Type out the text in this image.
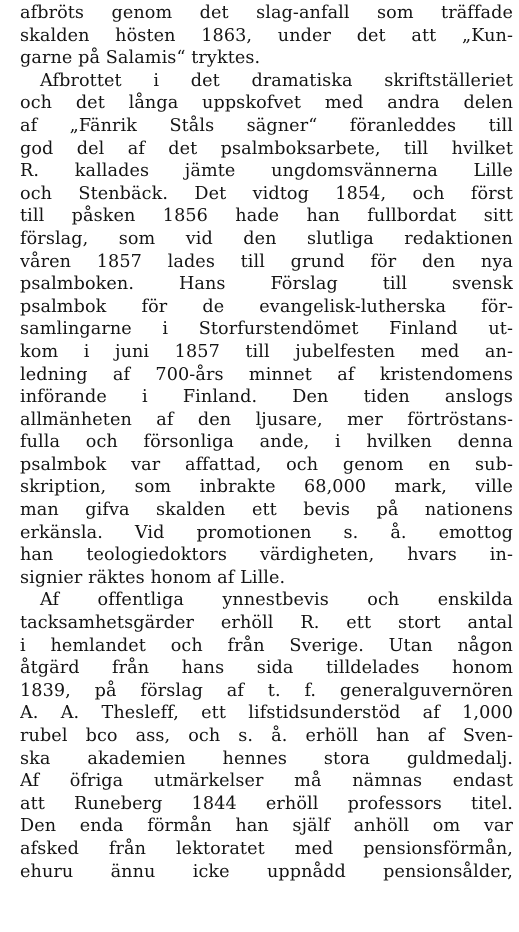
afbröts genom det slag-anfall som träffade
skalden hösten 1863, under det att „Kun-
garne på Salamis“ tryktes.
Afbrottet i det dramatiska skriftställeriet
och det långa uppskofvet med andra delen
af „Fänrik Ståls sägner“ föranleddes till
god del af det psalmboksarbete, till hvilket
R. kallades jämte ungdomsvännerna Lille
och Stenbäck. Det vidtog 1854, och först
till påsken 1856 hade han fullbordat sitt
förslag, som vid den slutliga redaktionen
våren 1857 lades till grund för den nya
psalmboken. Hans Förslag till svensk
psalmbok för de evangelisk-lutherska för-
samlingarne i Storfurstendömet Finland ut-
kom i juni 1857 till jubelfesten med an-
ledning af 700-års minnet af kristendomens
införande i Finland. Den tiden anslogs
allmänheten af den ljusare, mer förtröstans-
fulla och försonliga ande, i hvilken denna
psalmbok var affattad, och genom en sub-
skription, som inbrakte 68,000 mark, ville
man gifva skalden ett bevis på nationens
erkänsla. Vid promotionen s. å. emottog
han teologiedoktors värdigheten, hvars in-
signier räktes honom af Lille.
Af offentliga ynnestbevis och enskilda
tacksamhetsgärder erhöll R. ett stort antal
i hemlandet och från Sverige. Utan någon
åtgärd från hans sida tilldelades honom
1839, på förslag af t. f. generalguvernören
A. A. Thesleff, ett lifstidsunderstöd af 1,000
rubel bco ass, och s. å. erhöll han af Sven-
ska akademien hennes stora guldmedalj.
Af öfriga utmärkelser må nämnas endast
att Runeberg 1844 erhöll professors titel.
Den enda förmån han själf anhöll om var
afsked från lektoratet med pensionsförmån,
ehuru ännu icke uppnådd pensionsålder,
